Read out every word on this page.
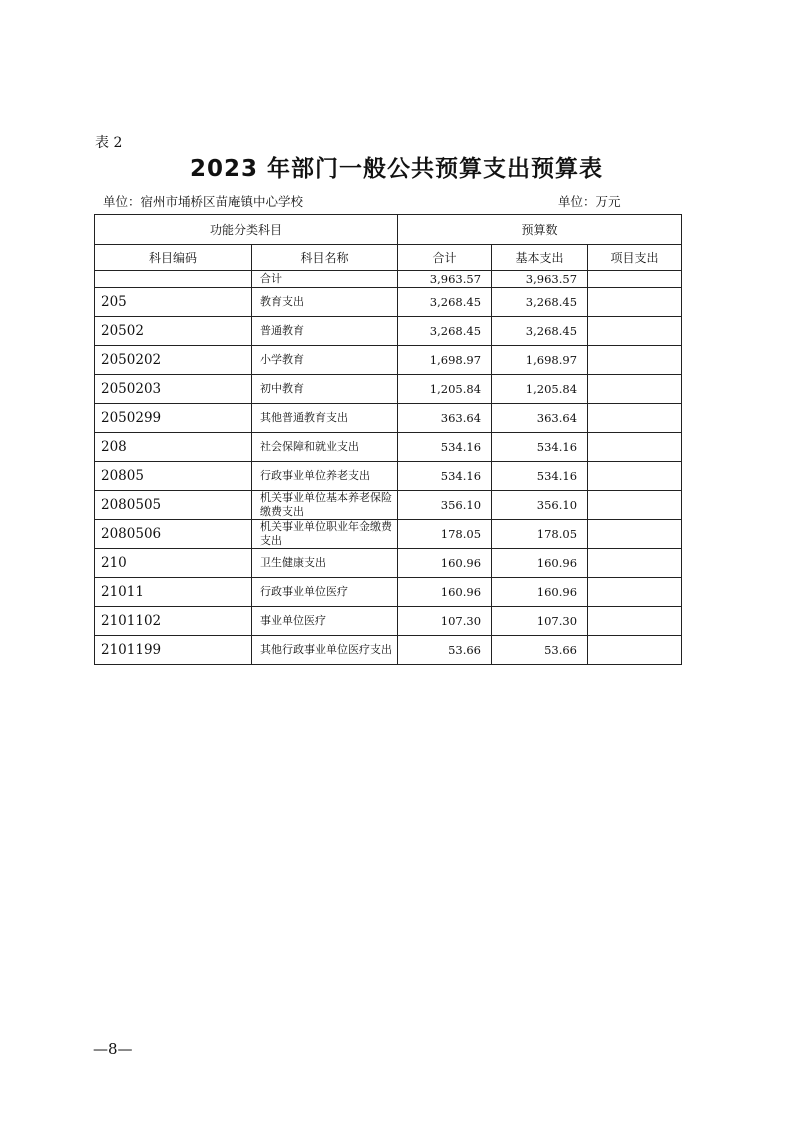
表 2
2023 年部门一般公共预算支出预算表
单位：宿州市埇桥区苗庵镇中心学校	单位：万元
功能分类科目		预算数		
科目编码	科目名称	合计	基本支出	项目支出
	合计	3,963.57	3,963.57	
205	教育支出	3,268.45	3,268.45	
20502	普通教育	3,268.45	3,268.45	
2050202	小学教育	1,698.97	1,698.97	
2050203	初中教育	1,205.84	1,205.84	
2050299	其他普通教育支出	363.64	363.64	
208	社会保障和就业支出	534.16	534.16	
20805	行政事业单位养老支出	534.16	534.16	
2080505	机关事业单位基本养老保险缴费支出	356.10	356.10	
2080506	机关事业单位职业年金缴费支出	178.05	178.05	
210	卫生健康支出	160.96	160.96	
21011	行政事业单位医疗	160.96	160.96	
2101102	事业单位医疗	107.30	107.30	
2101199	其他行政事业单位医疗支出	53.66	53.66	
—8—
